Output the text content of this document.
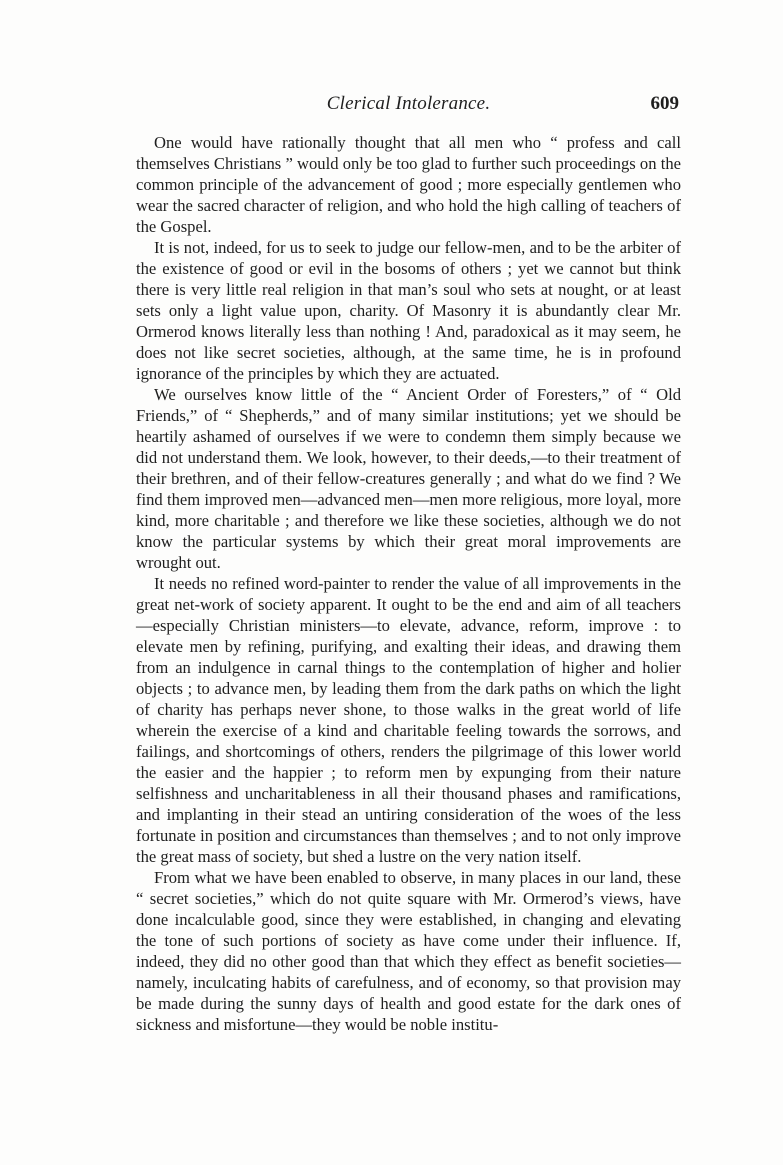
Clerical Intolerance.	609

One would have rationally thought that all men who “ profess and call themselves Christians ” would only be too glad to further such proceedings on the common principle of the advancement of good ; more especially gentlemen who wear the sacred character of religion, and who hold the high calling of teachers of the Gospel.

It is not, indeed, for us to seek to judge our fellow-men, and to be the arbiter of the existence of good or evil in the bosoms of others ; yet we cannot but think there is very little real religion in that man’s soul who sets at nought, or at least sets only a light value upon, charity. Of Masonry it is abundantly clear Mr. Ormerod knows literally less than nothing ! And, paradoxical as it may seem, he does not like secret societies, although, at the same time, he is in profound ignorance of the principles by which they are actuated.

We ourselves know little of the “ Ancient Order of Foresters,” of “ Old Friends,” of “ Shepherds,” and of many similar institutions; yet we should be heartily ashamed of ourselves if we were to condemn them simply because we did not understand them. We look, however, to their deeds,—to their treatment of their brethren, and of their fellow-creatures generally ; and what do we find ? We find them improved men—advanced men—men more religious, more loyal, more kind, more charitable ; and therefore we like these societies, although we do not know the particular systems by which their great moral improvements are wrought out.

It needs no refined word-painter to render the value of all improvements in the great net-work of society apparent. It ought to be the end and aim of all teachers—especially Christian ministers—to elevate, advance, reform, improve : to elevate men by refining, purifying, and exalting their ideas, and drawing them from an indulgence in carnal things to the contemplation of higher and holier objects ; to advance men, by leading them from the dark paths on which the light of charity has perhaps never shone, to those walks in the great world of life wherein the exercise of a kind and charitable feeling towards the sorrows, and failings, and shortcomings of others, renders the pilgrimage of this lower world the easier and the happier ; to reform men by expunging from their nature selfishness and uncharitableness in all their thousand phases and ramifications, and implanting in their stead an untiring consideration of the woes of the less fortunate in position and circumstances than themselves ; and to not only improve the great mass of society, but shed a lustre on the very nation itself.

From what we have been enabled to observe, in many places in our land, these “ secret societies,” which do not quite square with Mr. Ormerod’s views, have done incalculable good, since they were established, in changing and elevating the tone of such portions of society as have come under their influence. If, indeed, they did no other good than that which they effect as benefit societies—namely, inculcating habits of carefulness, and of economy, so that provision may be made during the sunny days of health and good estate for the dark ones of sickness and misfortune—they would be noble institu-
